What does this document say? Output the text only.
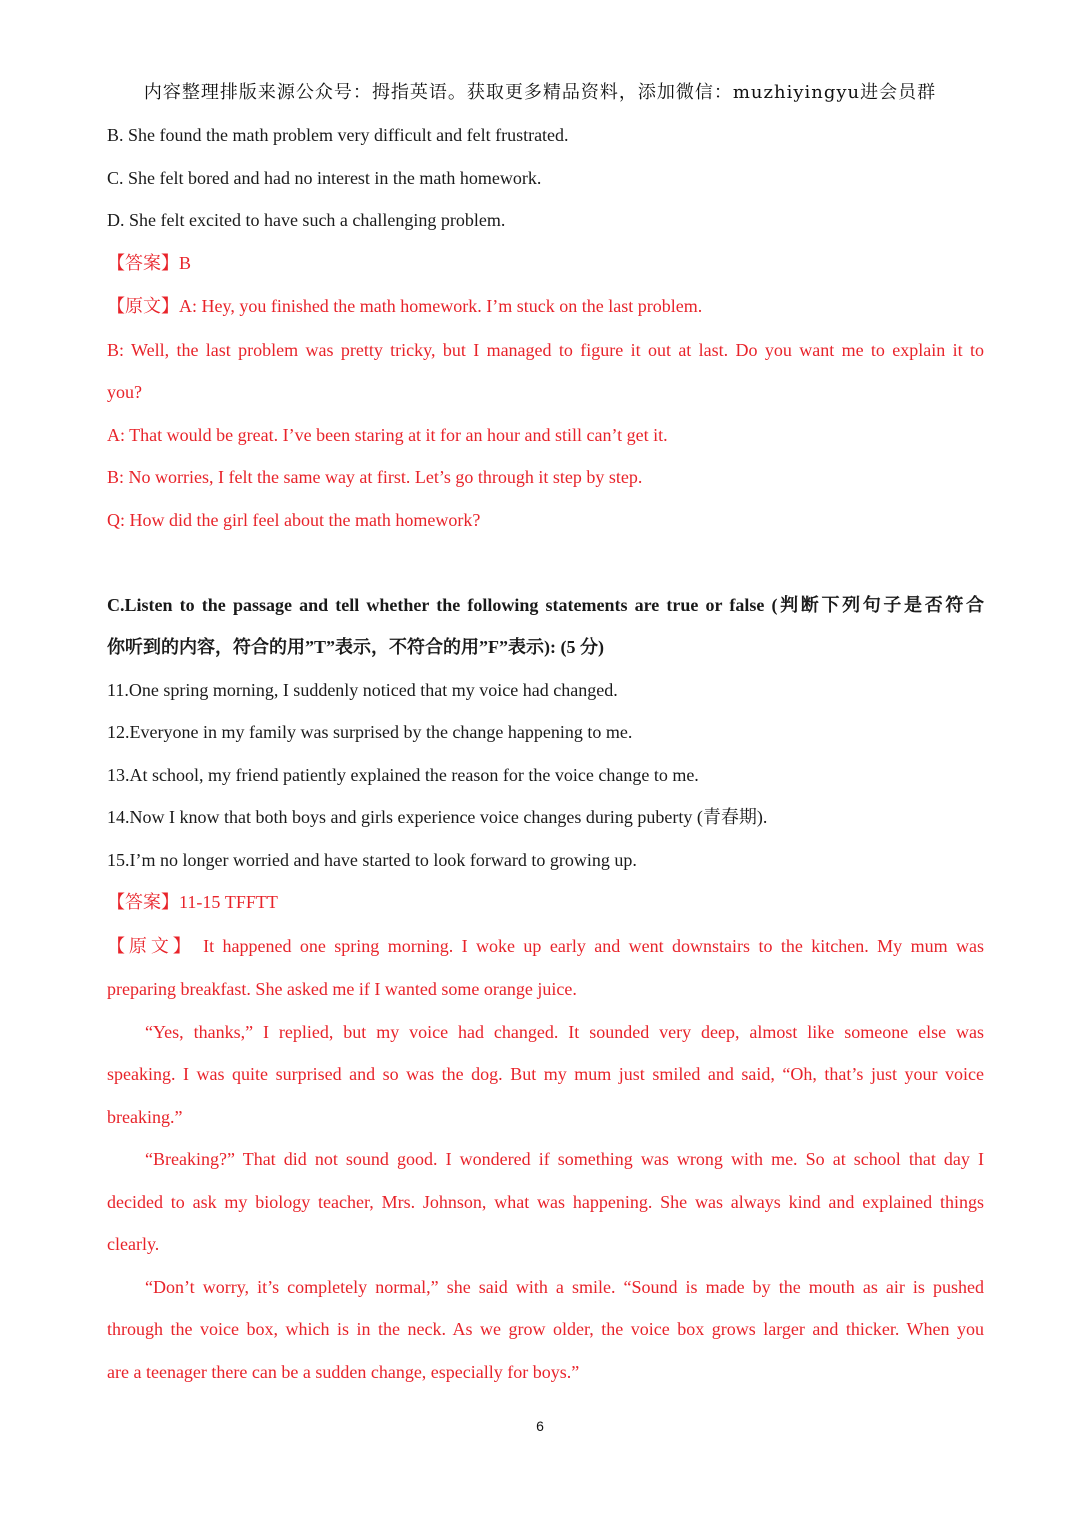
内容整理排版来源公众号：拇指英语。获取更多精品资料，添加微信：muzhiyingyu进会员群

B. She found the math problem very difficult and felt frustrated.

C. She felt bored and had no interest in the math homework.

D. She felt excited to have such a challenging problem.

【答案】B

【原文】A: Hey, you finished the math homework. I’m stuck on the last problem.

B: Well, the last problem was pretty tricky, but I managed to figure it out at last. Do you want me to explain it to

you?

A: That would be great. I’ve been staring at it for an hour and still can’t get it.

B: No worries, I felt the same way at first. Let’s go through it step by step.

Q: How did the girl feel about the math homework?

C.Listen to the passage and tell whether the following statements are true or false (判断下列句子是否符合

你听到的内容，符合的用”T”表示，不符合的用”F”表示): (5 分)

11.One spring morning, I suddenly noticed that my voice had changed.

12.Everyone in my family was surprised by the change happening to me.

13.At school, my friend patiently explained the reason for the voice change to me.

14.Now I know that both boys and girls experience voice changes during puberty (青春期).

15.I’m no longer worried and have started to look forward to growing up.

【答案】11-15 TFFTT

【原文】 It happened one spring morning. I woke up early and went downstairs to the kitchen. My mum was

preparing breakfast. She asked me if I wanted some orange juice.

“Yes, thanks,” I replied, but my voice had changed. It sounded very deep, almost like someone else was

speaking. I was quite surprised and so was the dog. But my mum just smiled and said, “Oh, that’s just your voice

breaking.”

“Breaking?” That did not sound good. I wondered if something was wrong with me. So at school that day I

decided to ask my biology teacher, Mrs. Johnson, what was happening. She was always kind and explained things

clearly.

“Don’t worry, it’s completely normal,” she said with a smile. “Sound is made by the mouth as air is pushed

through the voice box, which is in the neck. As we grow older, the voice box grows larger and thicker. When you

are a teenager there can be a sudden change, especially for boys.”

6
